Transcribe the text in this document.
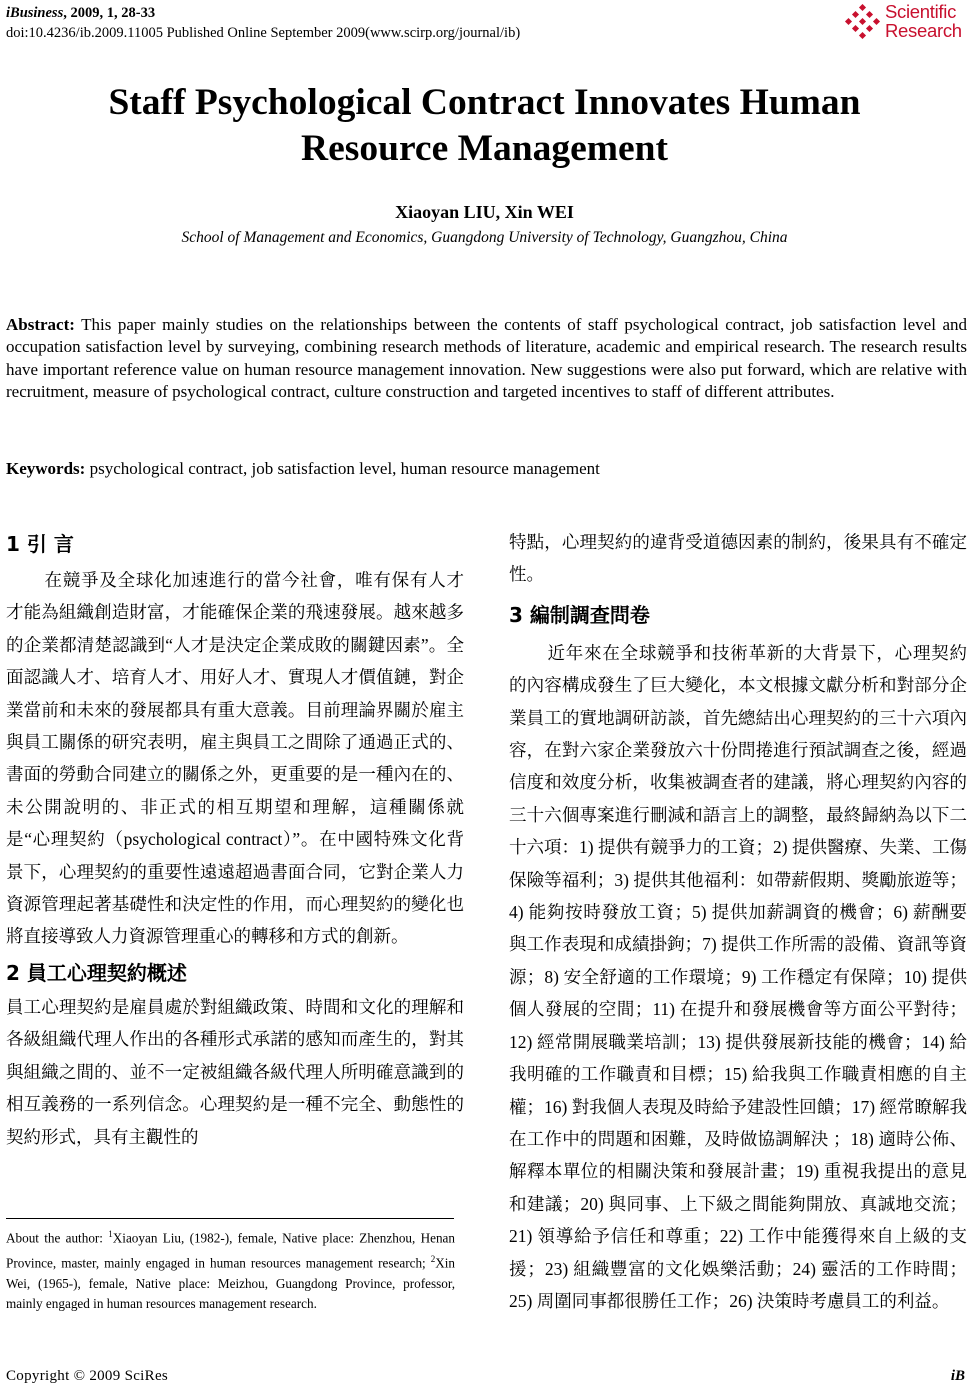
iBusiness, 2009, 1, 28-33
doi:10.4236/ib.2009.11005 Published Online September 2009(www.scirp.org/journal/ib)
Scientific
Research
Staff Psychological Contract Innovates Human
Resource Management
Xiaoyan LIU, Xin WEI
School of Management and Economics, Guangdong University of Technology, Guangzhou, China
Abstract: This paper mainly studies on the relationships between the contents of staff psychological contract, job satisfaction level and occupation satisfaction level by surveying, combining research methods of literature, academic and empirical research. The research results have important reference value on human resource management innovation. New suggestions were also put forward, which are relative with recruitment, measure of psychological contract, culture construction and targeted incentives to staff of different attributes.
Keywords: psychological contract, job satisfaction level, human resource management
1 引 言

在競爭及全球化加速進行的當今社會，唯有保有人才才能為組織創造財富，才能確保企業的飛速發展。越來越多的企業都清楚認識到“人才是決定企業成敗的關鍵因素”。全面認識人才、培育人才、用好人才、實現人才價值鏈，對企業當前和未來的發展都具有重大意義。目前理論界關於雇主與員工關係的研究表明，雇主與員工之間除了通過正式的、書面的勞動合同建立的關係之外，更重要的是一種內在的、未公開說明的、非正式的相互期望和理解，這種關係就是“心理契約（psychological contract）”。在中國特殊文化背景下，心理契約的重要性遠遠超過書面合同，它對企業人力資源管理起著基礎性和決定性的作用，而心理契約的變化也將直接導致人力資源管理重心的轉移和方式的創新。

2 員工心理契約概述

員工心理契約是雇員處於對組織政策、時間和文化的理解和各級組織代理人作出的各種形式承諾的感知而產生的，對其與組織之間的、並不一定被組織各級代理人所明確意識到的相互義務的一系列信念。心理契約是一種不完全、動態性的契約形式，具有主觀性的

特點，心理契約的違背受道德因素的制約，後果具有不確定性。

3 編制調查問卷

近年來在全球競爭和技術革新的大背景下，心理契約的內容構成發生了巨大變化，本文根據文獻分析和對部分企業員工的實地調研訪談，首先總結出心理契約的三十六項內容，在對六家企業發放六十份問捲進行預試調查之後，經過信度和效度分析，收集被調查者的建議，將心理契約內容的三十六個專案進行刪減和語言上的調整，最終歸納為以下二十六項：1) 提供有競爭力的工資；2) 提供醫療、失業、工傷保險等福利；3) 提供其他福利：如帶薪假期、獎勵旅遊等；4) 能夠按時發放工資；5) 提供加薪調資的機會；6) 薪酬要與工作表現和成績掛鉤；7) 提供工作所需的設備、資訊等資源；8) 安全舒適的工作環境；9) 工作穩定有保障；10) 提供個人發展的空間；11) 在提升和發展機會等方面公平對待；12) 經常開展職業培訓；13) 提供發展新技能的機會；14) 給我明確的工作職責和目標；15) 給我與工作職責相應的自主權；16) 對我個人表現及時給予建設性回饋；17) 經常瞭解我在工作中的問題和困難，及時做協調解決 ；18) 適時公佈、解釋本單位的相關決策和發展計畫；19) 重視我提出的意見和建議；20) 與同事、上下級之間能夠開放、真誠地交流；21) 領導給予信任和尊重；22) 工作中能獲得來自上級的支援；23) 組織豐富的文化娛樂活動；24) 靈活的工作時間；25) 周圍同事都很勝任工作；26) 決策時考慮員工的利益。

About the author: $^1$Xiaoyan Liu, (1982-), female, Native place: Zhenzhou, Henan Province, master, mainly engaged in human resources management research; $^2$Xin Wei, (1965-), female, Native place: Meizhou, Guangdong Province, professor, mainly engaged in human resources management research.
Copyright © 2009 SciRes	iB
